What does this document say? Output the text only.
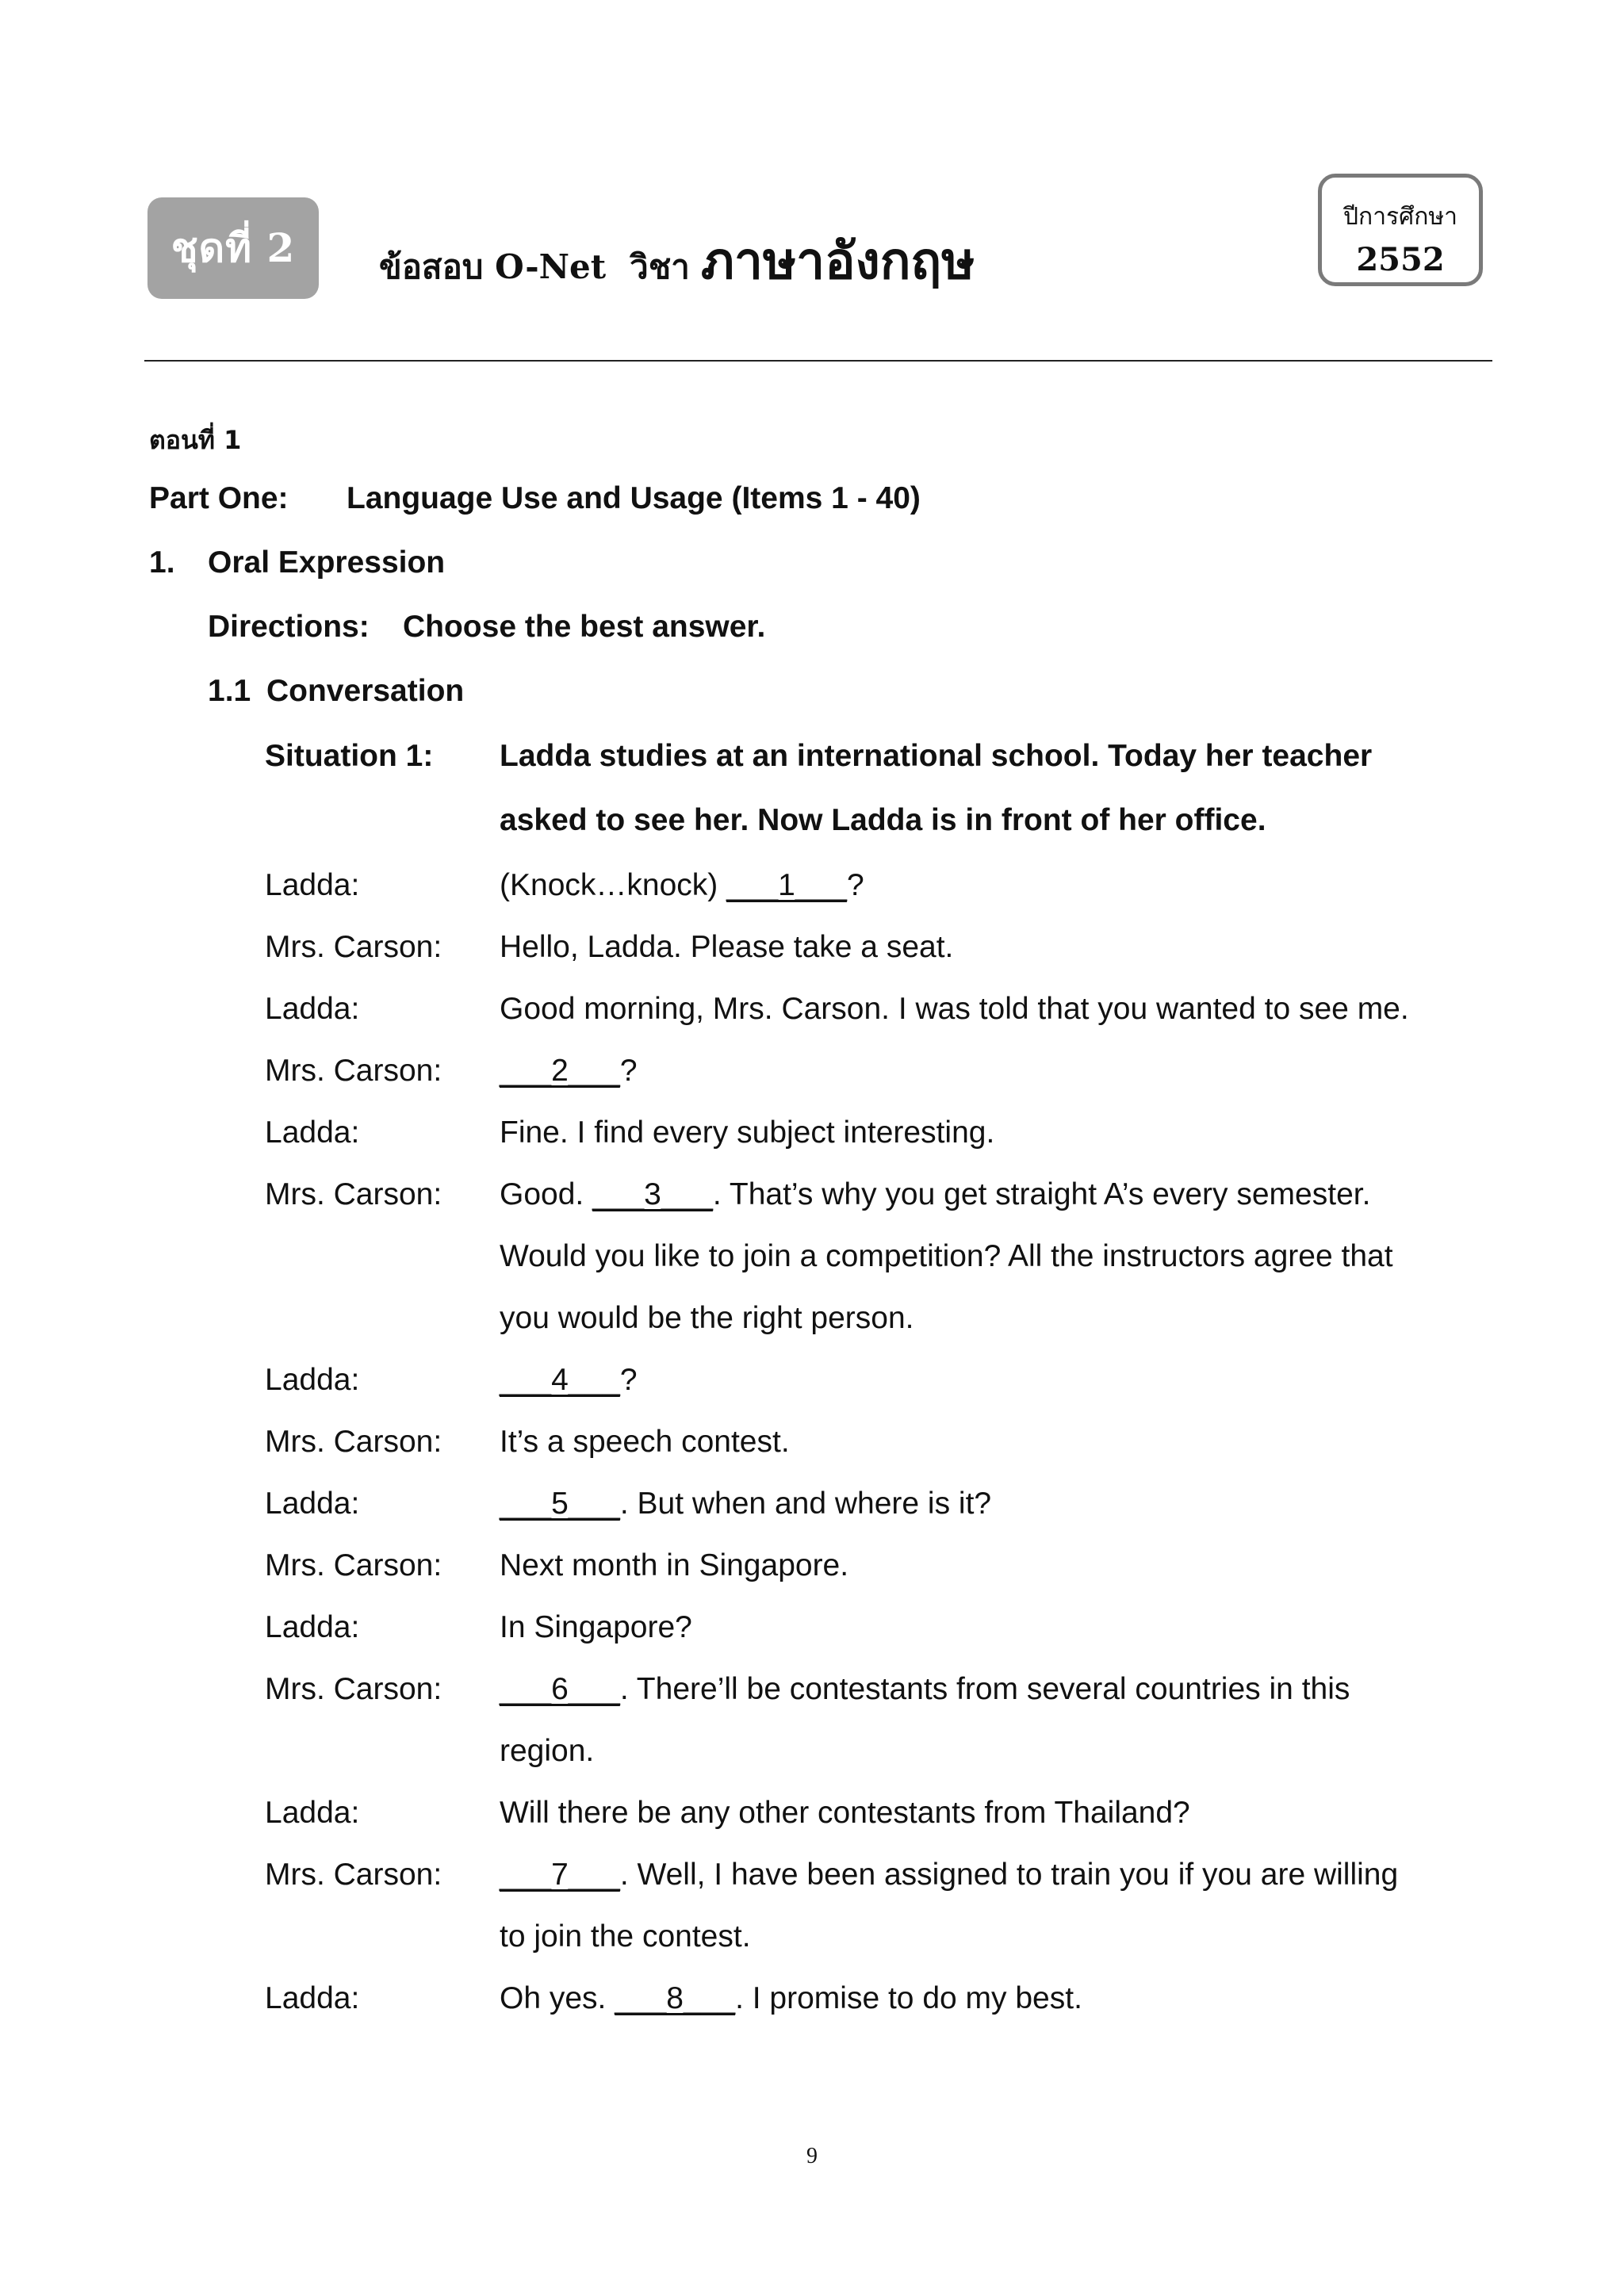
ชุดที่ 2	ข้อสอบ O-Net วิชา ภาษาอังกฤษ
ปีการศึกษา
2552
ตอนที่ 1
Part One: Language Use and Usage (Items 1 - 40)
1. Oral Expression
Directions: Choose the best answer.
1.1 Conversation
Situation 1: Ladda studies at an international school. Today her teacher
asked to see her. Now Ladda is in front of her office.
Ladda:	(Knock…knock) ___1___?
Mrs. Carson: Hello, Ladda. Please take a seat.
Ladda:	Good morning, Mrs. Carson. I was told that you wanted to see me.
Mrs. Carson: ___2___?
Ladda:	Fine. I find every subject interesting.
Mrs. Carson: Good. ___3___. That’s why you get straight A’s every semester.
Would you like to join a competition? All the instructors agree that
you would be the right person.
Ladda:	___4___?
Mrs. Carson: It’s a speech contest.
Ladda:	___5___. But when and where is it?
Mrs. Carson: Next month in Singapore.
Ladda:	In Singapore?
Mrs. Carson: ___6___. There’ll be contestants from several countries in this
region.
Ladda:	Will there be any other contestants from Thailand?
Mrs. Carson: ___7___. Well, I have been assigned to train you if you are willing
to join the contest.
Ladda:	Oh yes. ___8___. I promise to do my best.
9
